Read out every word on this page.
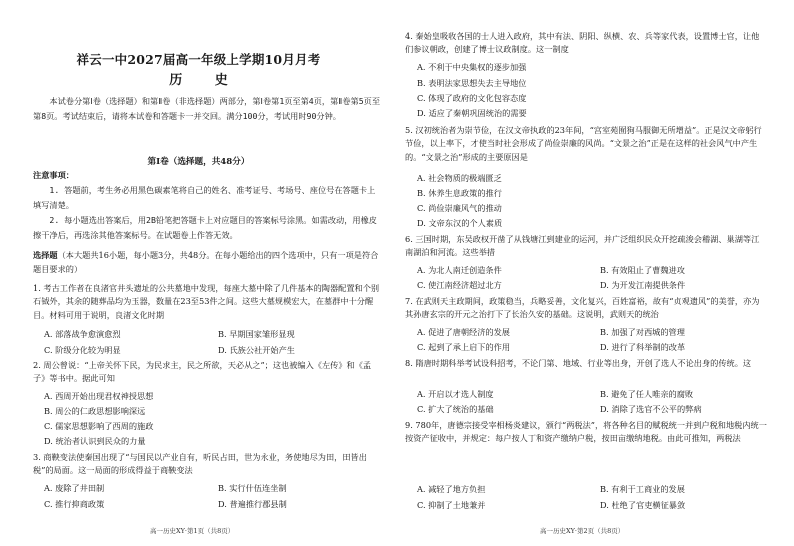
祥云一中2027届高一年级上学期10月月考
历 史
本试卷分第Ⅰ卷（选择题）和第Ⅱ卷（非选择题）两部分，第Ⅰ卷第1页至第4页，第Ⅱ卷第5页至第8页。考试结束后，请将本试卷和答题卡一并交回。满分100分，考试用时90分钟。
第Ⅰ卷（选择题，共48分）
注意事项：
1. 答题前，考生务必用黑色碳素笔将自己的姓名、准考证号、考场号、座位号在答题卡上填写清楚。
2. 每小题选出答案后，用2B铅笔把答题卡上对应题目的答案标号涂黑。如需改动，用橡皮擦干净后，再选涂其他答案标号。在试题卷上作答无效。
选择题（本大题共16小题，每小题3分，共48分。在每小题给出的四个选项中，只有一项是符合题目要求的）
1. 考古工作者在良渚官井头遗址的公共墓地中发现，每座大墓中除了几件基本的陶器配置和个别石钺外，其余的随葬品均为玉器，数量在23至53件之间。这些大墓规模宏大，在墓群中十分醒目。材料可用于说明，良渚文化时期
A. 部落战争愈演愈烈	B. 早期国家雏形显现
C. 阶级分化较为明显	D. 氏族公社开始产生
2. 周公曾说：“上帝关怀下民，为民求主，民之所欲，天必从之”；这也被编入《左传》和《孟子》等书中。据此可知
A. 西周开始出现君权神授思想
B. 周公的仁政思想影响深远
C. 儒家思想影响了西周的施政
D. 统治者认识到民众的力量
3. 商鞅变法使秦国出现了“与国民以产业自有，听民占田，世为永业，务使地尽为田，田皆出税”的局面。这一局面的形成得益于商鞅变法
A. 废除了井田制	B. 实行什伍连坐制
C. 推行抑商政策	D. 普遍推行郡县制
高一历史XY·第1页（共8页）
4. 秦始皇吸收各国的士人进入政府，其中有法、阴阳、纵横、农、兵等家代表，设置博士官，让他们参议朝政，创建了博士议政制度。这一制度
A. 不利于中央集权的逐步加强
B. 表明法家思想失去主导地位
C. 体现了政府的文化包容态度
D. 适应了秦朝巩固统治的需要
5. 汉初统治者为崇节俭，在汉文帝执政的23年间，“宫室苑囿狗马服御无所增益”。正是汉文帝躬行节俭，以上率下，才使当时社会形成了尚俭崇廉的风尚。“文景之治”正是在这样的社会风气中产生的。“文景之治”形成的主要原因是
A. 社会物质的极端匮乏
B. 休养生息政策的推行
C. 尚俭崇廉风气的推动
D. 文帝东汉的个人素质
6. 三国时期，东吴政权开凿了从钱塘江到建业的运河，并广泛组织民众开挖疏浚会稽湖、巢湖等江南湖泊和河流。这些举措
A. 为北人南迁创造条件	B. 有效阻止了曹魏进攻
C. 使江南经济超过北方	D. 为开发江南提供条件
7. 在武则天主政期间，政策稳当，兵略妥善，文化复兴，百姓富裕，故有“贞观遗风”的美誉，亦为其孙唐玄宗的开元之治打下了长治久安的基础。这说明，武则天的统治
A. 促进了唐朝经济的发展	B. 加强了对西城的管理
C. 起到了承上启下的作用	D. 进行了科举制的改革
8. 隋唐时期科举考试设科招考，不论门第、地域、行业等出身，开创了选人不论出身的传统。这
A. 开启以才选人制度	B. 避免了任人唯亲的腐败
C. 扩大了统治的基础	D. 消除了选官不公平的弊病
9. 780年，唐德宗接受宰相杨炎建议，颁行“两税法”，将各种名目的赋税统一并到户税和地税内统一按资产征收中，并规定：每户按人丁和资产缴纳户税，按田亩缴纳地税。由此可推知，两税法
A. 减轻了地方负担	B. 有利于工商业的发展
C. 抑制了土地兼并	D. 杜绝了官吏横征暴敛
高一历史XY·第2页（共8页）
